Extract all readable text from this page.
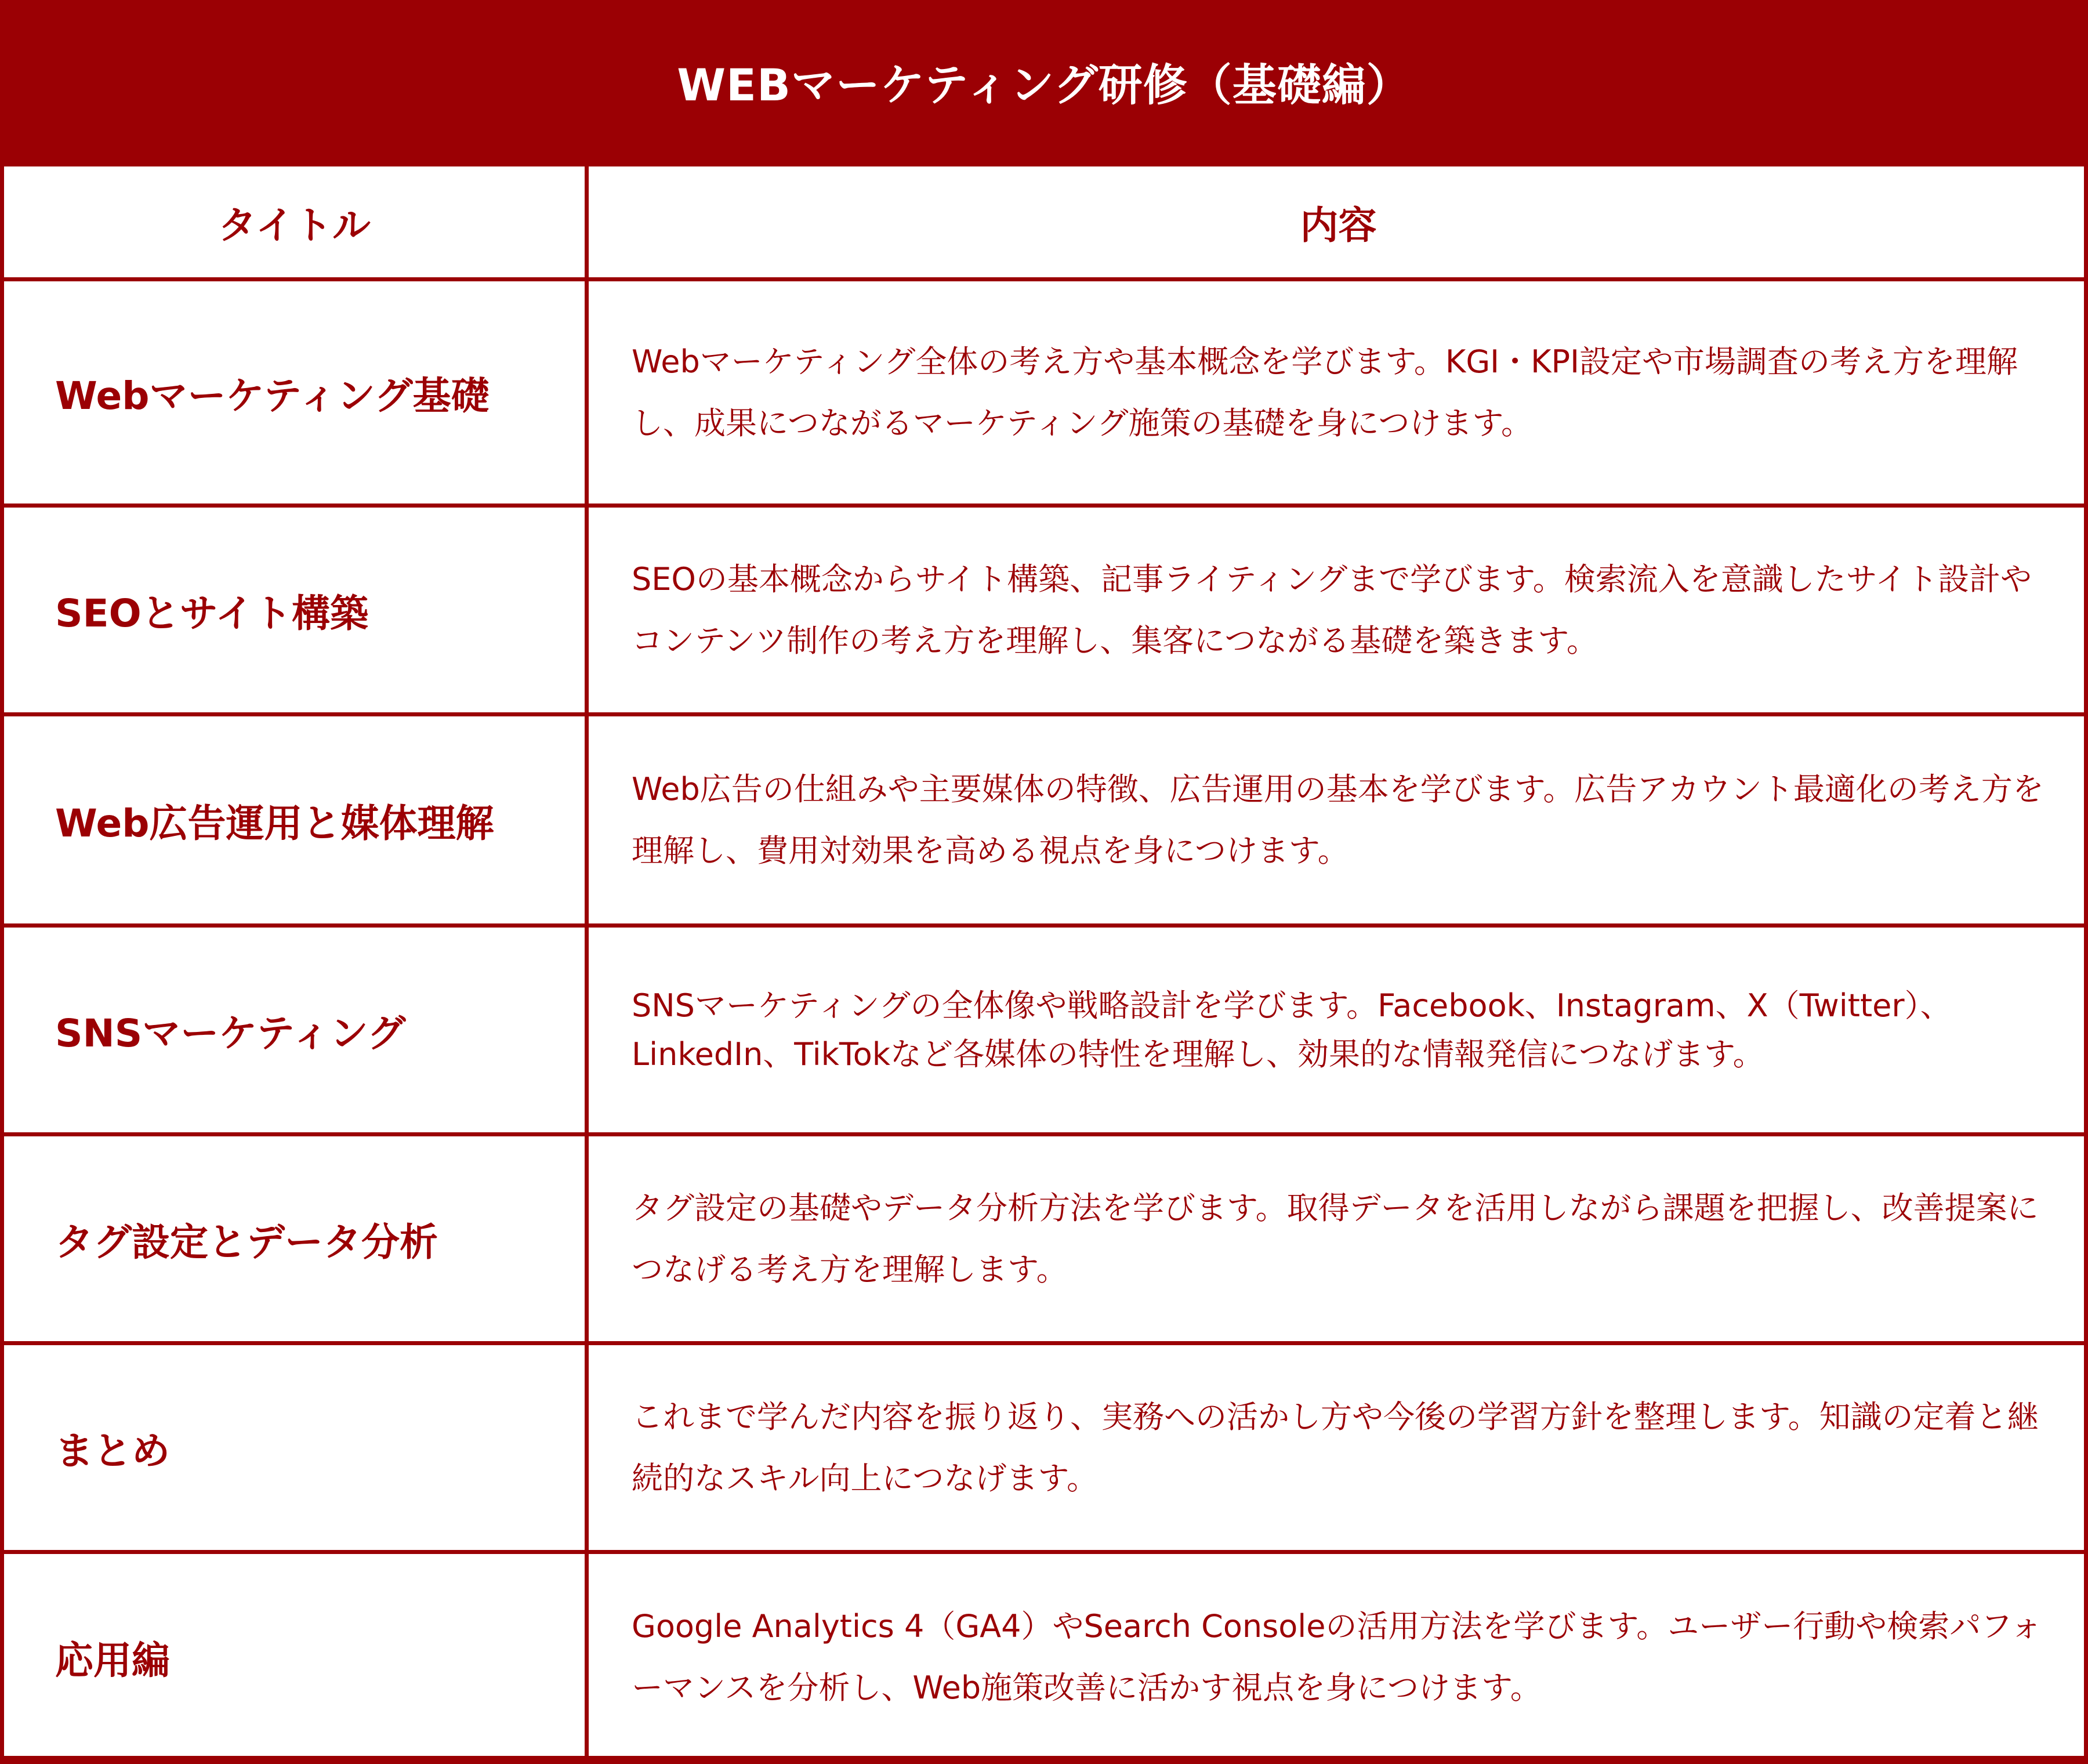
WEBマーケティング研修（基礎編）
タイトル	内容
Webマーケティング基礎	Webマーケティング全体の考え方や基本概念を学びます。KGI・KPI設定や市場調査の考え方を理解し、成果につながるマーケティング施策の基礎を身につけます。
SEOとサイト構築	SEOの基本概念からサイト構築、記事ライティングまで学びます。検索流入を意識したサイト設計やコンテンツ制作の考え方を理解し、集客につながる基礎を築きます。
Web広告運用と媒体理解	Web広告の仕組みや主要媒体の特徴、広告運用の基本を学びます。広告アカウント最適化の考え方を理解し、費用対効果を高める視点を身につけます。
SNSマーケティング	SNSマーケティングの全体像や戦略設計を学びます。Facebook、Instagram、X（Twitter）、LinkedIn、TikTokなど各媒体の特性を理解し、効果的な情報発信につなげます。
タグ設定とデータ分析	タグ設定の基礎やデータ分析方法を学びます。取得データを活用しながら課題を把握し、改善提案につなげる考え方を理解します。
まとめ	これまで学んだ内容を振り返り、実務への活かし方や今後の学習方針を整理します。知識の定着と継続的なスキル向上につなげます。
応用編	Google Analytics 4（GA4）やSearch Consoleの活用方法を学びます。ユーザー行動や検索パフォーマンスを分析し、Web施策改善に活かす視点を身につけます。
